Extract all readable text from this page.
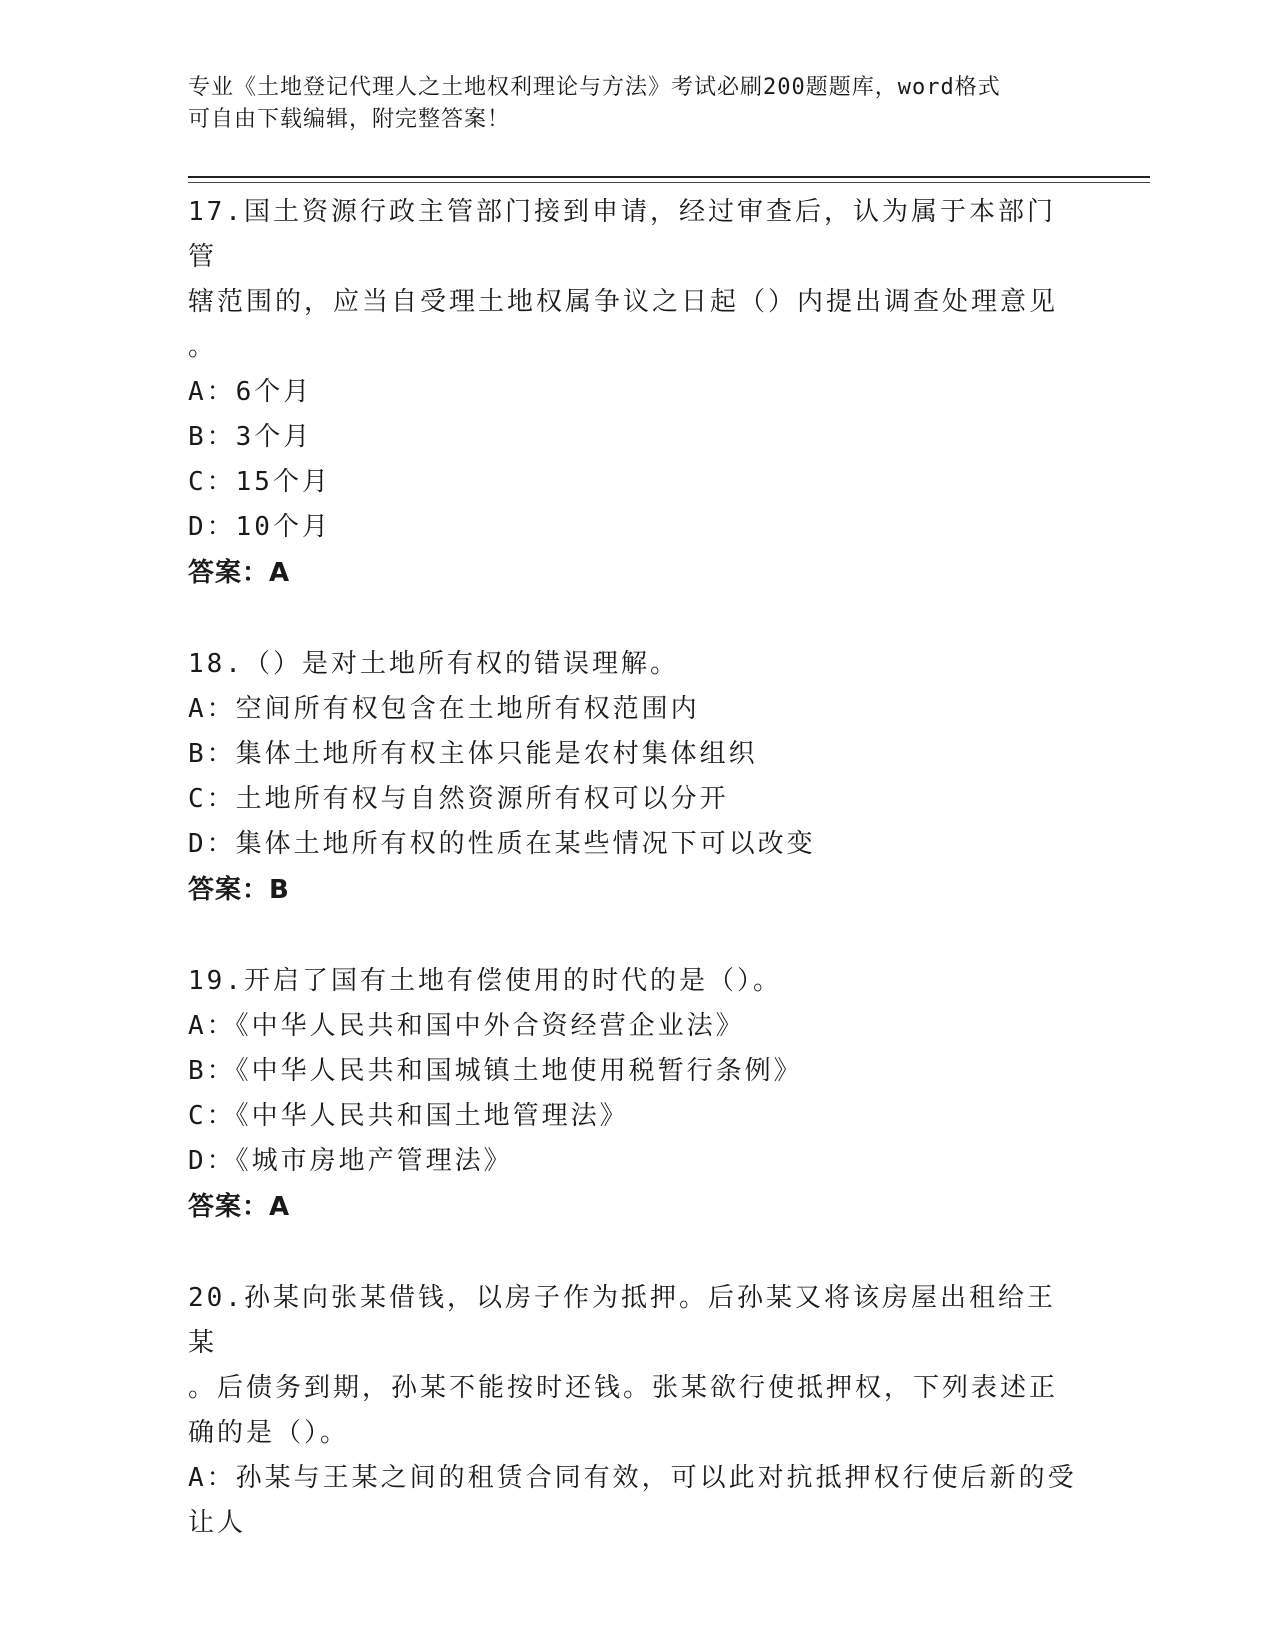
专业《土地登记代理人之土地权利理论与方法》考试必刷200题题库，word格式
可自由下载编辑，附完整答案！
17.国土资源行政主管部门接到申请，经过审查后，认为属于本部门管
辖范围的，应当自受理土地权属争议之日起（）内提出调查处理意见
。
A：6个月
B：3个月
C：15个月
D：10个月
答案：A
18.（）是对土地所有权的错误理解。
A：空间所有权包含在土地所有权范围内
B：集体土地所有权主体只能是农村集体组织
C：土地所有权与自然资源所有权可以分开
D：集体土地所有权的性质在某些情况下可以改变
答案：B
19.开启了国有土地有偿使用的时代的是（）。
A：《中华人民共和国中外合资经营企业法》
B：《中华人民共和国城镇土地使用税暂行条例》
C：《中华人民共和国土地管理法》
D：《城市房地产管理法》
答案：A
20.孙某向张某借钱，以房子作为抵押。后孙某又将该房屋出租给王某
。后债务到期，孙某不能按时还钱。张某欲行使抵押权，下列表述正
确的是（）。
A：孙某与王某之间的租赁合同有效，可以此对抗抵押权行使后新的受
让人
